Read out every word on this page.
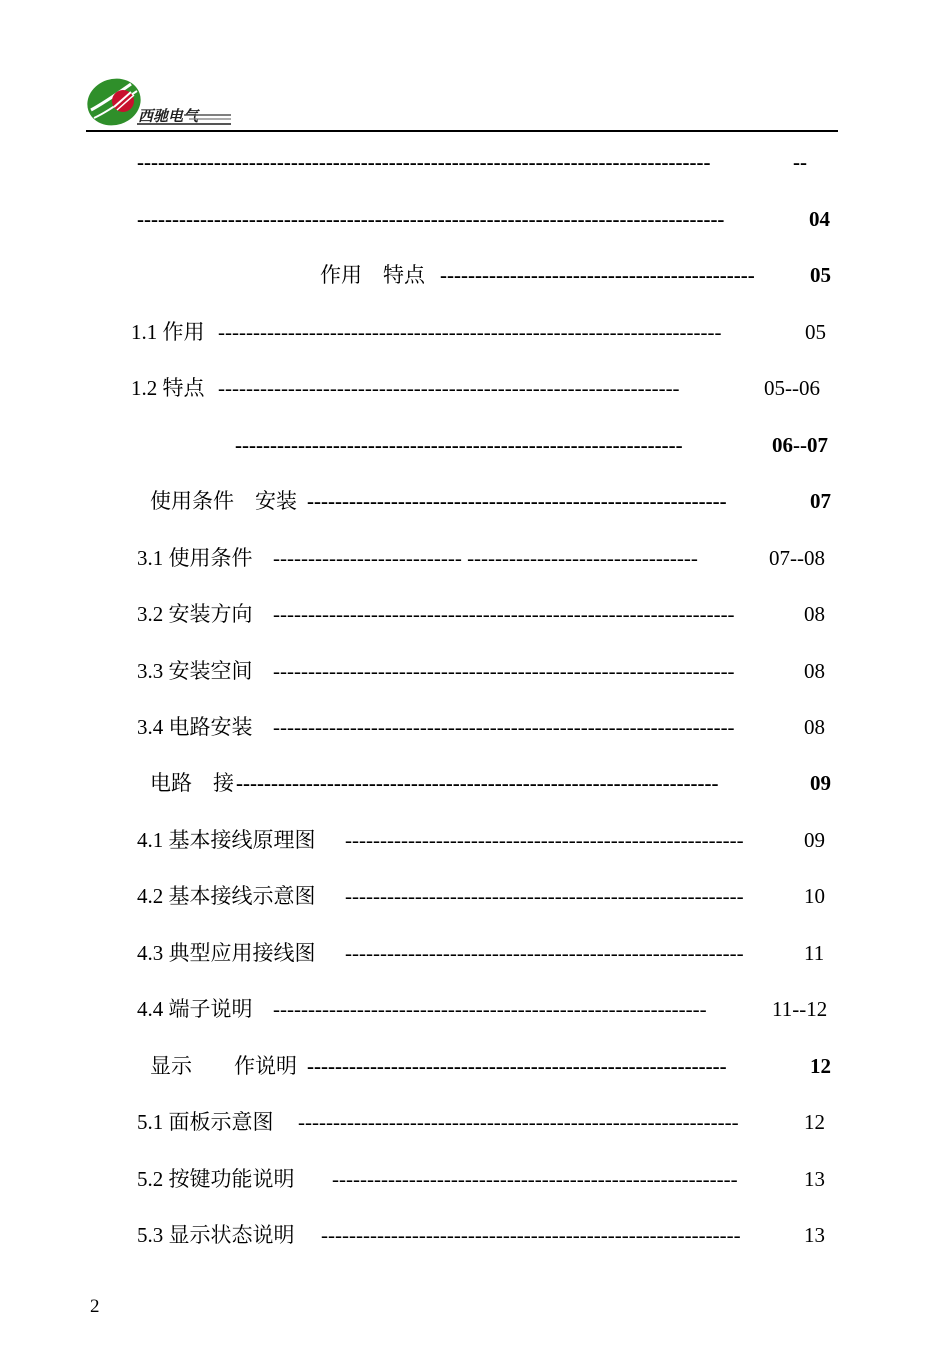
西驰电气
----------------------------------------------------------------------------------	--
------------------------------------------------------------------------------------	04
作用　特点 ---------------------------------------------	05
1.1 作用 ------------------------------------------------------------------------	05
1.2 特点 ------------------------------------------------------------------	05--06
----------------------------------------------------------------	06--07
使用条件　安装 ------------------------------------------------------------	07
3.1 使用条件 --------------------------- ---------------------------------	07--08
3.2 安装方向 ------------------------------------------------------------------	08
3.3 安装空间 ------------------------------------------------------------------	08
3.4 电路安装 ------------------------------------------------------------------	08
电路　接 ---------------------------------------------------------------------	09
4.1 基本接线原理图 ---------------------------------------------------------	09
4.2 基本接线示意图 ---------------------------------------------------------	10
4.3 典型应用接线图 ---------------------------------------------------------	11
4.4 端子说明 --------------------------------------------------------------	11--12
显示　　作说明 ------------------------------------------------------------	12
5.1 面板示意图 ---------------------------------------------------------------	12
5.2 按键功能说明 ----------------------------------------------------------	13
5.3 显示状态说明 ------------------------------------------------------------	13
2
